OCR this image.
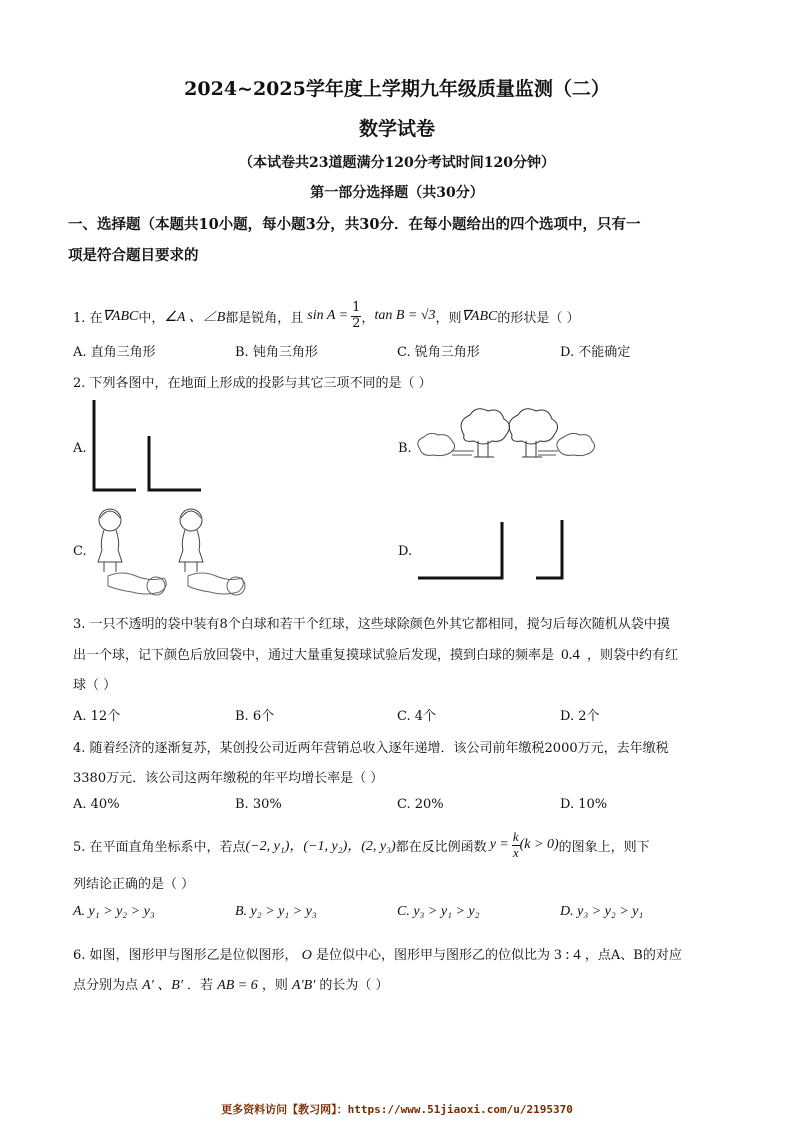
2024~2025学年度上学期九年级质量监测（二）
数学试卷
（本试卷共23道题满分120分考试时间120分钟）
第一部分选择题（共30分）
一、选择题（本题共10小题，每小题3分，共30分．在每小题给出的四个选项中，只有一
项是符合题目要求的
1. 在 ∇ABC 中， ∠A 、∠B 都是锐角，且 $\sin A = \frac{1}{2}$ ， tan B = √3 ，则 ∇ABC 的形状是（ ）
A. 直角三角形	B. 钝角三角形	C. 锐角三角形	D. 不能确定
2. 下列各图中，在地面上形成的投影与其它三项不同的是（ ）
A.	B.
C.	D.
3. 一只不透明的袋中装有8个白球和若干个红球，这些球除颜色外其它都相同，搅匀后每次随机从袋中摸
出一个球，记下颜色后放回袋中，通过大量重复摸球试验后发现，摸到白球的频率是 0.4 ，则袋中约有红
球（ ）
A. 12个	B. 6个	C. 4个	D. 2个
4. 随着经济的逐渐复苏，某创投公司近两年营销总收入逐年递增．该公司前年缴税2000万元，去年缴税
3380万元．该公司这两年缴税的年平均增长率是（ ）
A. 40%	B. 30%	C. 20%	D. 10%
5. 在平面直角坐标系中，若点 (−2, y₁)，(−1, y₂)，(2, y₃) 都在反比例函数 $y = \frac{k}{x} (k > 0)$ 的图象上，则下
列结论正确的是（ ）
A. y₁ > y₂ > y₃	B. y₂ > y₁ > y₃	C. y₃ > y₁ > y₂	D. y₃ > y₂ > y₁
6. 如图，图形甲与图形乙是位似图形， O 是位似中心，图形甲与图形乙的位似比为 3 : 4 ，点A、B的对应
点分别为点 A′ 、B′ ．若 AB = 6 ，则 A′B′ 的长为（ ）
更多资料访问【教习网】：https://www.51jiaoxi.com/u/2195370
